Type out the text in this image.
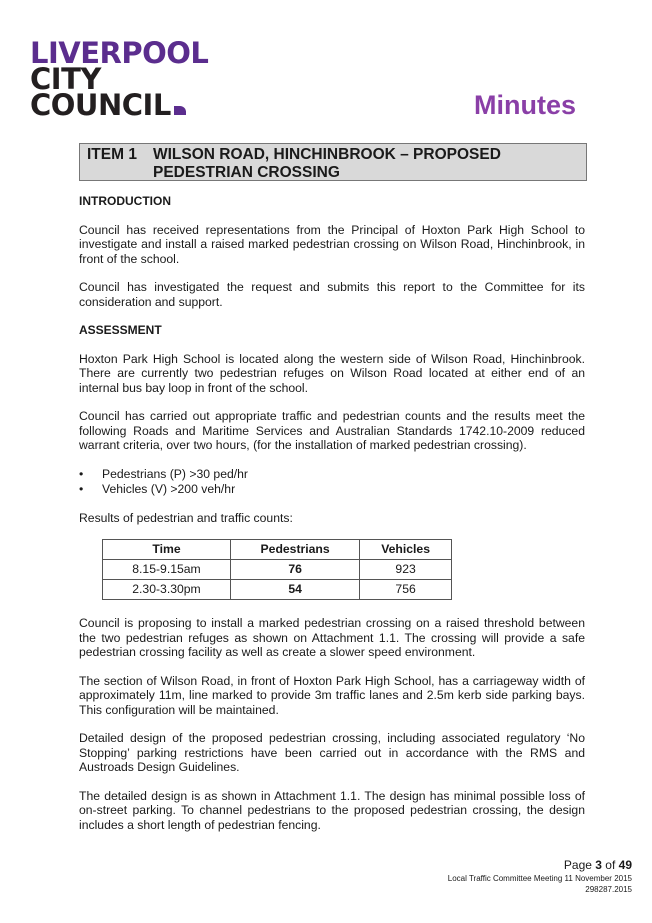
LIVERPOOL
CITY
COUNCIL	Minutes
ITEM 1 WILSON ROAD, HINCHINBROOK – PROPOSED PEDESTRIAN CROSSING
INTRODUCTION

Council has received representations from the Principal of Hoxton Park High School to investigate and install a raised marked pedestrian crossing on Wilson Road, Hinchinbrook, in front of the school.

Council has investigated the request and submits this report to the Committee for its consideration and support.

ASSESSMENT

Hoxton Park High School is located along the western side of Wilson Road, Hinchinbrook. There are currently two pedestrian refuges on Wilson Road located at either end of an internal bus bay loop in front of the school.

Council has carried out appropriate traffic and pedestrian counts and the results meet the following Roads and Maritime Services and Australian Standards 1742.10-2009 reduced warrant criteria, over two hours, (for the installation of marked pedestrian crossing).

• Pedestrians (P) >30 ped/hr
• Vehicles (V) >200 veh/hr

Results of pedestrian and traffic counts:

Time	Pedestrians	Vehicles
8.15-9.15am	76	923
2.30-3.30pm	54	756

Council is proposing to install a marked pedestrian crossing on a raised threshold between the two pedestrian refuges as shown on Attachment 1.1. The crossing will provide a safe pedestrian crossing facility as well as create a slower speed environment.

The section of Wilson Road, in front of Hoxton Park High School, has a carriageway width of approximately 11m, line marked to provide 3m traffic lanes and 2.5m kerb side parking bays. This configuration will be maintained.

Detailed design of the proposed pedestrian crossing, including associated regulatory ‘No Stopping’ parking restrictions have been carried out in accordance with the RMS and Austroads Design Guidelines.

The detailed design is as shown in Attachment 1.1. The design has minimal possible loss of on-street parking. To channel pedestrians to the proposed pedestrian crossing, the design includes a short length of pedestrian fencing.

Page 3 of 49
Local Traffic Committee Meeting 11 November 2015
298287.2015
